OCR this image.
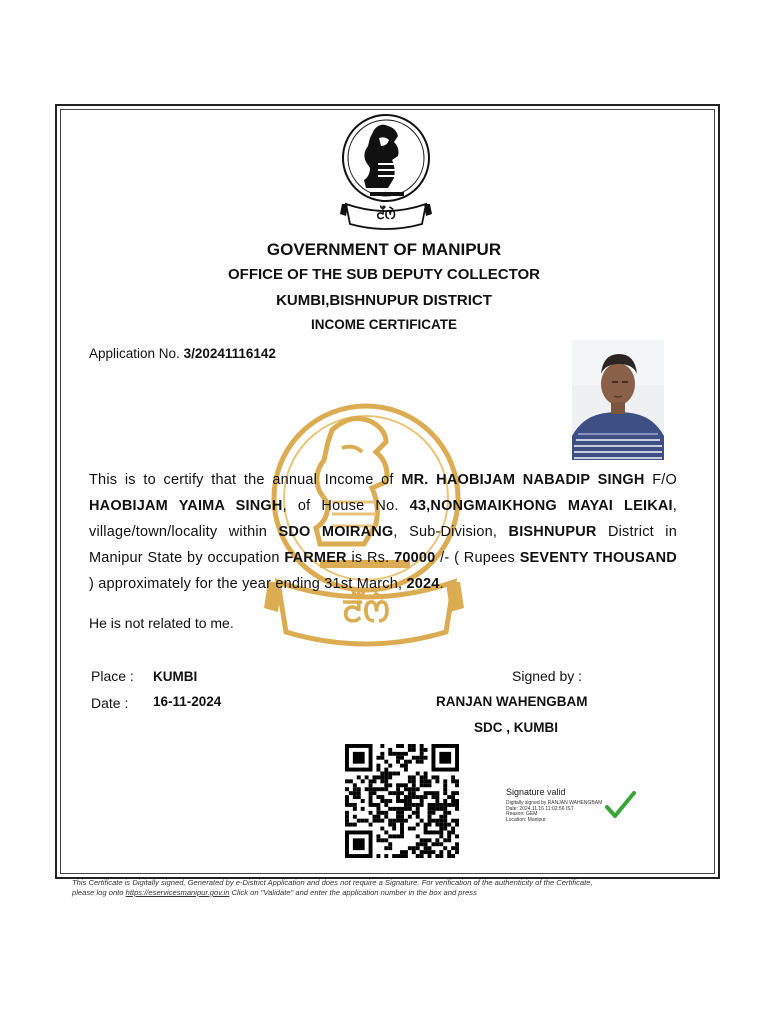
ꯂꯩꯁꯥ
ꯂꯩꯁꯥ
GOVERNMENT OF MANIPUR
OFFICE OF THE SUB DEPUTY COLLECTOR
KUMBI,BISHNUPUR DISTRICT
INCOME CERTIFICATE
Application No. 3/20241116142
This is to certify that the annual Income of MR. HAOBIJAM NABADIP SINGH F/O HAOBIJAM YAIMA SINGH, of House No. 43,NONGMAIKHONG MAYAI LEIKAI, village/town/locality within SDO MOIRANG, Sub-Division, BISHNUPUR District in Manipur State by occupation FARMER is Rs. 70000 /- ( Rupees SEVENTY THOUSAND ) approximately for the year ending 31st March, 2024.
He is not related to me.
Place : KUMBI
Date : 16-11-2024
Signed by :
RANJAN WAHENGBAM
SDC , KUMBI
Signature valid
Digitally signed by RANJAN WAHENGBAM
Date: 2024.11.16 11:02:56 IST
Reason: GEM
Location: Manipur
This Certificate is Digitally signed, Generated by e-District Application and does not require a Signature. For verification of the authenticity of the Certificate,
please log onto https://eservicesmanipur.gov.in Click on "Validate" and enter the application number in the box and press
